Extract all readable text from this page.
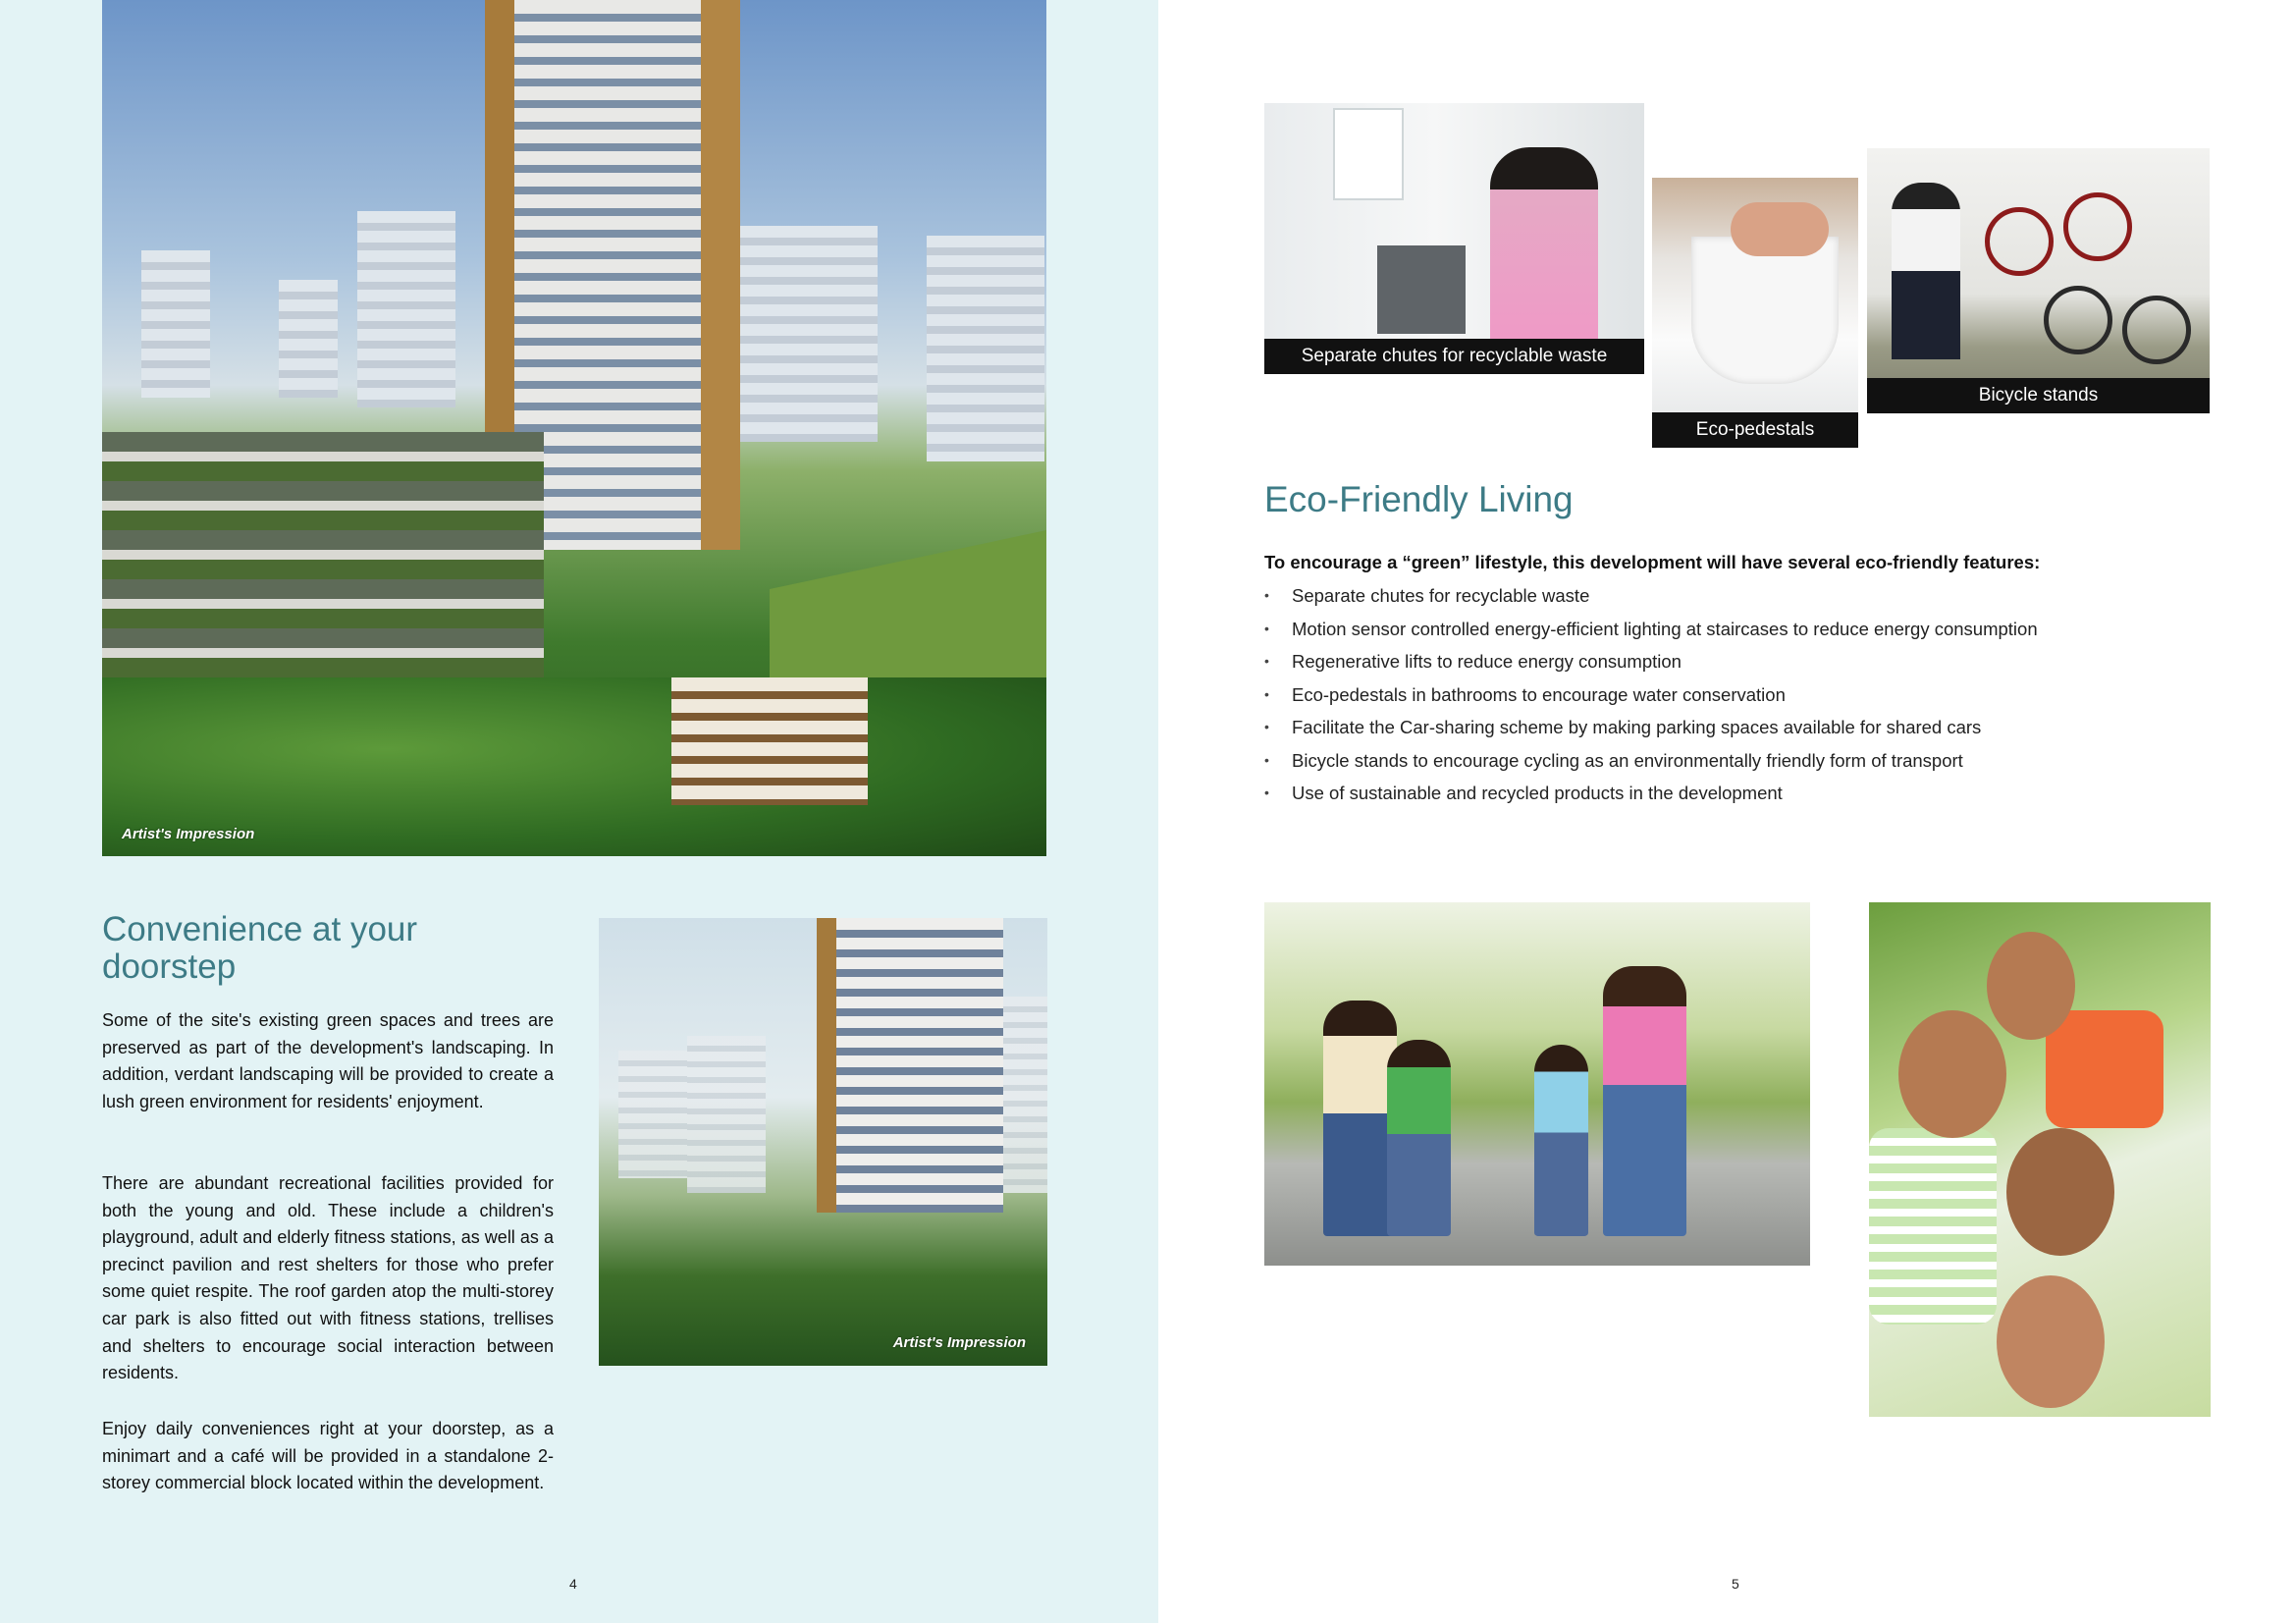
Artist's Impression
Convenience at your
doorstep

Some of the site's existing green spaces and trees are preserved as part of the development's landscaping. In addition, verdant landscaping will be provided to create a lush green environment for residents' enjoyment.

There are abundant recreational facilities provided for both the young and old. These include a children's playground, adult and elderly fitness stations, as well as a precinct pavilion and rest shelters for those who prefer some quiet respite. The roof garden atop the multi-storey car park is also fitted out with fitness stations, trellises and shelters to encourage social interaction between residents.

Enjoy daily conveniences right at your doorstep, as a minimart and a café will be provided in a standalone 2-storey commercial block located within the development.

Artist's Impression
4
Separate chutes for recyclable waste
Eco-pedestals
Bicycle stands
Eco-Friendly Living

To encourage a “green” lifestyle, this development will have several eco-friendly features:

• Separate chutes for recyclable waste
• Motion sensor controlled energy-efficient lighting at staircases to reduce energy consumption
• Regenerative lifts to reduce energy consumption
• Eco-pedestals in bathrooms to encourage water conservation
• Facilitate the Car-sharing scheme by making parking spaces available for shared cars
• Bicycle stands to encourage cycling as an environmentally friendly form of transport
• Use of sustainable and recycled products in the development
5
